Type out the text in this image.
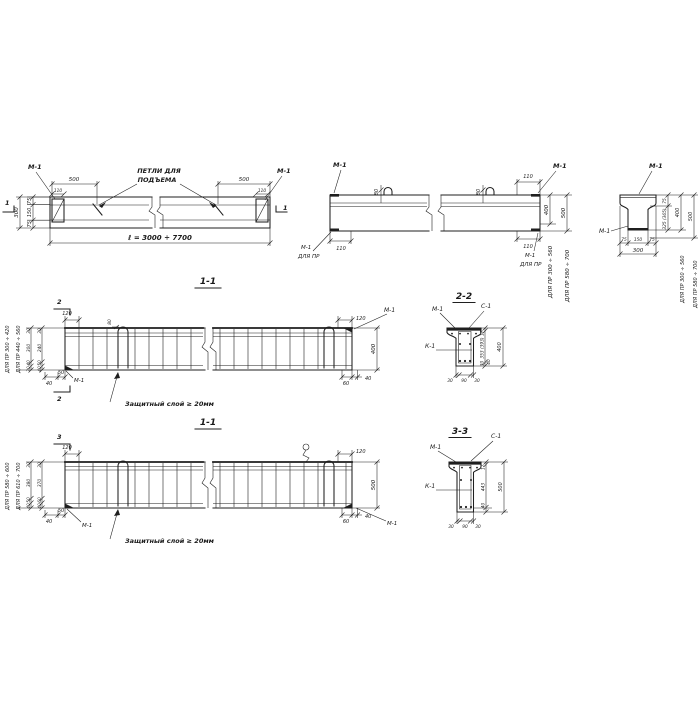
ПЕТЛИ ДЛЯ
ПОДЪЕМА
М-1	М-1
500	500
110	110
ℓ = 3000 ÷ 7700
75
150
75
300
1
1
М-1	М-1
80	80
110
110	110
М-1
ДЛЯ ПР	М-1
ДЛЯ ПР
400 500
ДЛЯ ПР 300 ÷ 560 ДЛЯ ПР 580 ÷ 700
М-1
М-1
75 150 75
300
75
325 (365) 400 500
ДЛЯ ПР 300 ÷ 560 ДЛЯ ПР 580 ÷ 700
1-1
2
2
120
80	120
М-1
400
40
50
М-1	60
40
Защитный слой ≥ 20мм
30
300
40
30
30
240
50
40
ДЛЯ ПР 300 ÷ 420 ДЛЯ ПР 440 ÷ 560
2-2
М-1	С-1
К-1
17
353 (393)
30 40
400
30 90 30
1-1
3
120
120
500
40
50
М-1
60
40
М-1
Защитный слой ≥ 20мм
30
380
50
40
30
370
60
40
ДЛЯ ПР 580 ÷ 600 ДЛЯ ПР 610 ÷ 700
3-3
М-1
С-1
К-1
17
443
40
500
30 90 30
